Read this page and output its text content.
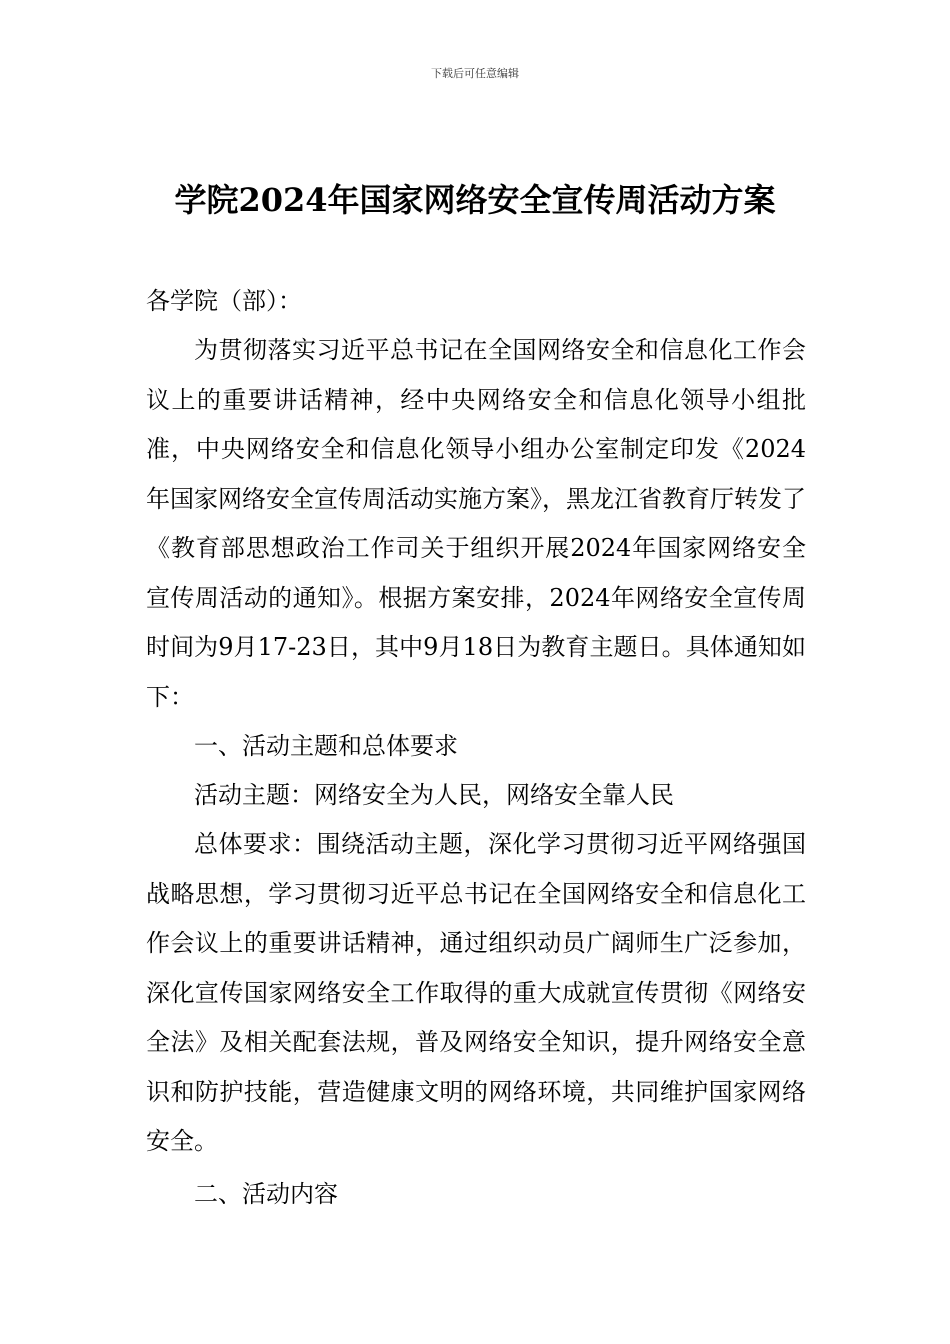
下载后可任意编辑
学院2024年国家网络安全宣传周活动方案
各学院（部）：

为贯彻落实习近平总书记在全国网络安全和信息化工作会议上的重要讲话精神，经中央网络安全和信息化领导小组批准，中央网络安全和信息化领导小组办公室制定印发《2024年国家网络安全宣传周活动实施方案》，黑龙江省教育厅转发了《教育部思想政治工作司关于组织开展2024年国家网络安全宣传周活动的通知》。根据方案安排，2024年网络安全宣传周时间为9月17-23日，其中9月18日为教育主题日。具体通知如下：

一、活动主题和总体要求

活动主题：网络安全为人民，网络安全靠人民

总体要求：围绕活动主题，深化学习贯彻习近平网络强国战略思想，学习贯彻习近平总书记在全国网络安全和信息化工作会议上的重要讲话精神，通过组织动员广阔师生广泛参加，深化宣传国家网络安全工作取得的重大成就宣传贯彻《网络安全法》及相关配套法规，普及网络安全知识，提升网络安全意识和防护技能，营造健康文明的网络环境，共同维护国家网络安全。

二、活动内容
